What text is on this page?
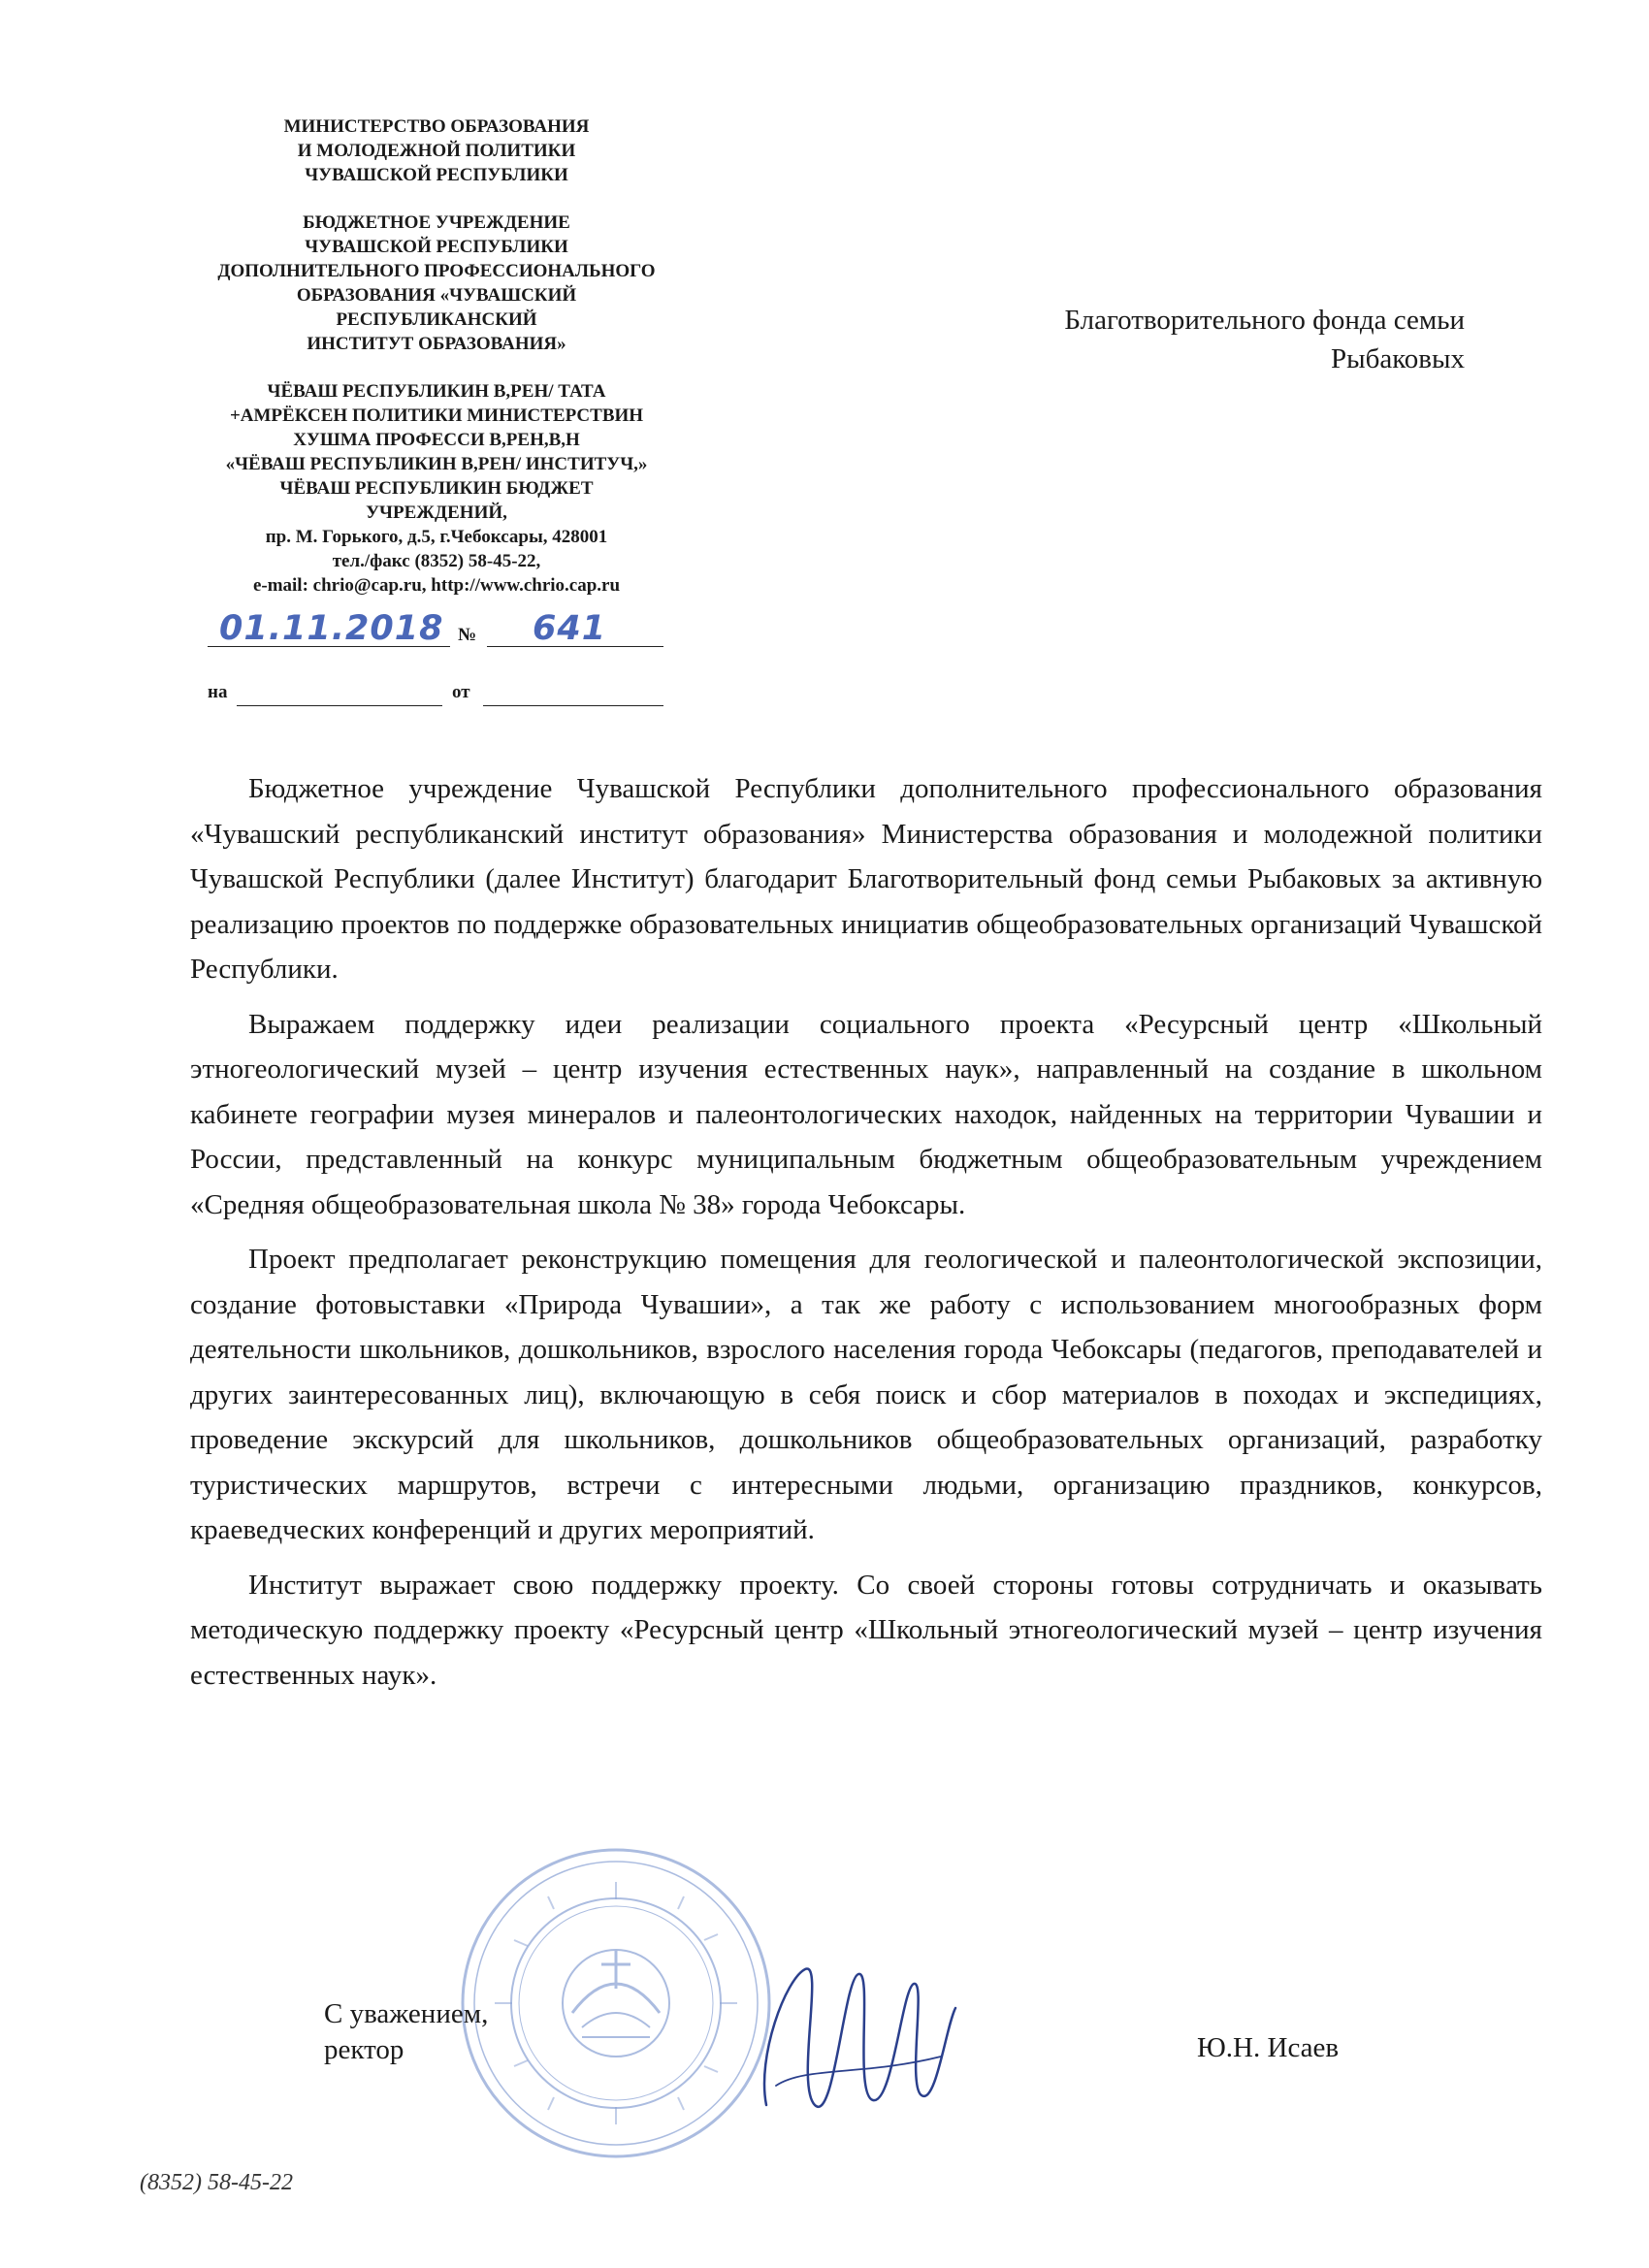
МИНИСТЕРСТВО ОБРАЗОВАНИЯ
И МОЛОДЕЖНОЙ ПОЛИТИКИ
ЧУВАШСКОЙ РЕСПУБЛИКИ
БЮДЖЕТНОЕ УЧРЕЖДЕНИЕ
ЧУВАШСКОЙ РЕСПУБЛИКИ
ДОПОЛНИТЕЛЬНОГО ПРОФЕССИОНАЛЬНОГО
ОБРАЗОВАНИЯ «ЧУВАШСКИЙ
РЕСПУБЛИКАНСКИЙ
ИНСТИТУТ ОБРАЗОВАНИЯ»
ЧЁВАШ РЕСПУБЛИКИН В,РЕН/ ТАТА
+АМРЁКСЕН ПОЛИТИКИ МИНИСТЕРСТВИН
ХУШМА ПРОФЕССИ В,РЕН,В,Н
«ЧЁВАШ РЕСПУБЛИКИН В,РЕН/ ИНСТИТУЧ,»
ЧЁВАШ РЕСПУБЛИКИН БЮДЖЕТ
УЧРЕЖДЕНИЙ,
пр. М. Горького, д.5, г.Чебоксары, 428001
тел./факс (8352) 58-45-22,
e-mail: chrio@cap.ru, http://www.chrio.cap.ru
01.11.2018 № 641
на	от
Благотворительного фонда семьи
Рыбаковых

Бюджетное учреждение Чувашской Республики дополнительного профессионального образования «Чувашский республиканский институт образования» Министерства образования и молодежной политики Чувашской Республики (далее Институт) благодарит Благотворительный фонд семьи Рыбаковых за активную реализацию проектов по поддержке образовательных инициатив общеобразовательных организаций Чувашской Республики.

Выражаем поддержку идеи реализации социального проекта «Ресурсный центр «Школьный этногеологический музей – центр изучения естественных наук», направленный на создание в школьном кабинете географии музея минералов и палеонтологических находок, найденных на территории Чувашии и России, представленный на конкурс муниципальным бюджетным общеобразовательным учреждением «Средняя общеобразовательная школа № 38» города Чебоксары.

Проект предполагает реконструкцию помещения для геологической и палеонтологической экспозиции, создание фотовыставки «Природа Чувашии», а так же работу с использованием многообразных форм деятельности школьников, дошкольников, взрослого населения города Чебоксары (педагогов, преподавателей и других заинтересованных лиц), включающую в себя поиск и сбор материалов в походах и экспедициях, проведение экскурсий для школьников, дошкольников общеобразовательных организаций, разработку туристических маршрутов, встречи с интересными людьми, организацию праздников, конкурсов, краеведческих конференций и других мероприятий.

Институт выражает свою поддержку проекту. Со своей стороны готовы сотрудничать и оказывать методическую поддержку проекту «Ресурсный центр «Школьный этногеологический музей – центр изучения естественных наук».

С уважением,
ректор	Ю.Н. Исаев
(8352) 58-45-22
